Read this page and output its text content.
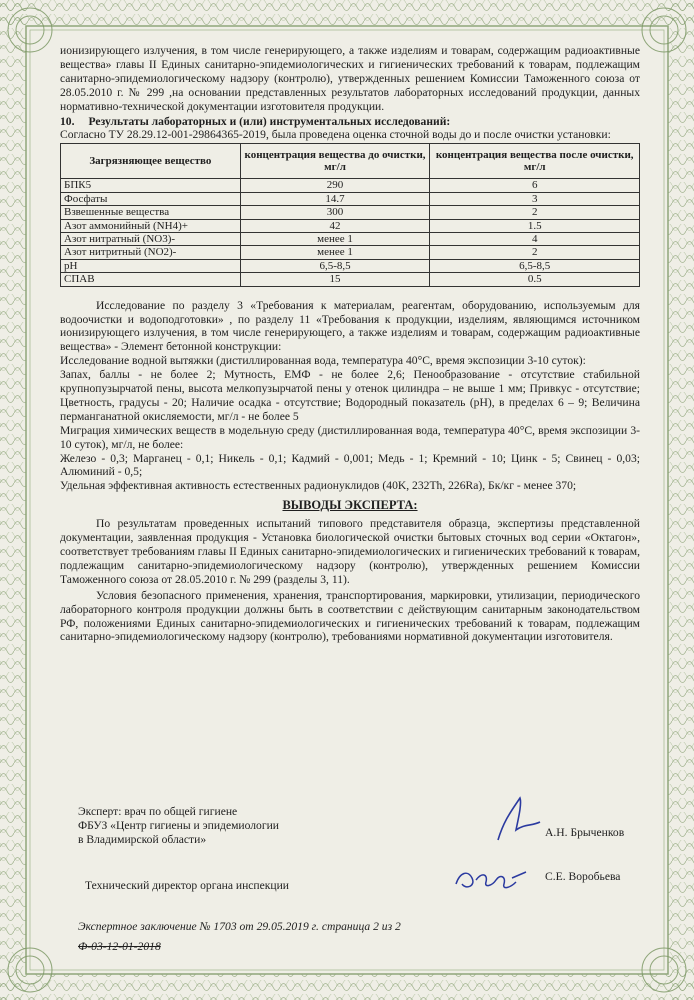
ионизирующего излучения, в том числе генерирующего, а также изделиям и товарам, содержащим радиоактивные вещества» главы II Единых санитарно-эпидемиологических и гигиенических требований к товарам, подлежащим санитарно-эпидемиологическому надзору (контролю), утвержденных решением Комиссии Таможенного союза от 28.05.2010 г. № 299 ,на основании представленных результатов лабораторных исследований продукции, данных нормативно-технической документации изготовителя продукции.

10. Результаты лабораторных и (или) инструментальных исследований:

Согласно ТУ 28.29.12-001-29864365-2019, была проведена оценка сточной воды до и после очистки установки:

Загрязняющее вещество	концентрация вещества до очистки, мг/л	концентрация вещества после очистки, мг/л
БПК5	290	6
Фосфаты	14.7	3
Взвешенные вещества	300	2
Азот аммонийный (NH4)+	42	1.5
Азот нитратный (NO3)-	менее 1	4
Азот нитритный (NO2)-	менее 1	2
pH	6,5-8,5	6,5-8,5
СПАВ	15	0.5

Исследование по разделу 3 «Требования к материалам, реагентам, оборудованию, используемым для водоочистки и водоподготовки» , по разделу 11 «Требования к продукции, изделиям, являющимся источником ионизирующего излучения, в том числе генерирующего, а также изделиям и товарам, содержащим радиоактивные вещества» - Элемент бетонной конструкции:

Исследование водной вытяжки (дистиллированная вода, температура 40°С, время экспозиции 3-10 суток):

Запах, баллы - не более 2; Мутность, ЕМФ - не более 2,6; Пенообразование - отсутствие стабильной крупнопузырчатой пены, высота мелкопузырчатой пены у отенок цилиндра – не выше 1 мм; Привкус - отсутствие; Цветность, градусы - 20; Наличие осадка - отсутствие; Водородный показатель (рН), в пределах 6 – 9; Величина перманганатной окисляемости, мг/л - не более 5

Миграция химических веществ в модельную среду (дистиллированная вода, температура 40°С, время экспозиции 3-10 суток), мг/л, не более:

Железо - 0,3; Марганец - 0,1; Никель - 0,1; Кадмий - 0,001; Медь - 1; Кремний - 10; Цинк - 5; Свинец - 0,03; Алюминий - 0,5;

Удельная эффективная активность естественных радионуклидов (40K, 232Th, 226Ra), Бк/кг - менее 370;

ВЫВОДЫ ЭКСПЕРТА:

По результатам проведенных испытаний типового представителя образца, экспертизы представленной документации, заявленная продукция - Установка биологической очистки бытовых сточных вод серии «Октагон», соответствует требованиям главы II Единых санитарно-эпидемиологических и гигиенических требований к товарам, подлежащим санитарно-эпидемиологическому надзору (контролю), утвержденных решением Комиссии Таможенного союза от 28.05.2010 г. № 299 (разделы 3, 11).

Условия безопасного применения, хранения, транспортирования, маркировки, утилизации, периодического лабораторного контроля продукции должны быть в соответствии с действующим санитарным законодательством РФ, положениями Единых санитарно-эпидемиологических и гигиенических требований к товарам, подлежащим санитарно-эпидемиологическому надзору (контролю), требованиями нормативной документации изготовителя.

Эксперт: врач по общей гигиене
ФБУЗ «Центр гигиены и эпидемиологии
в Владимирской области»
А.Н. Брыченков
Технический директор органа инспекции
С.Е. Воробьева
Экспертное заключение № 1703 от 29.05.2019 г. страница 2 из 2
Ф-03-12-01-2018
